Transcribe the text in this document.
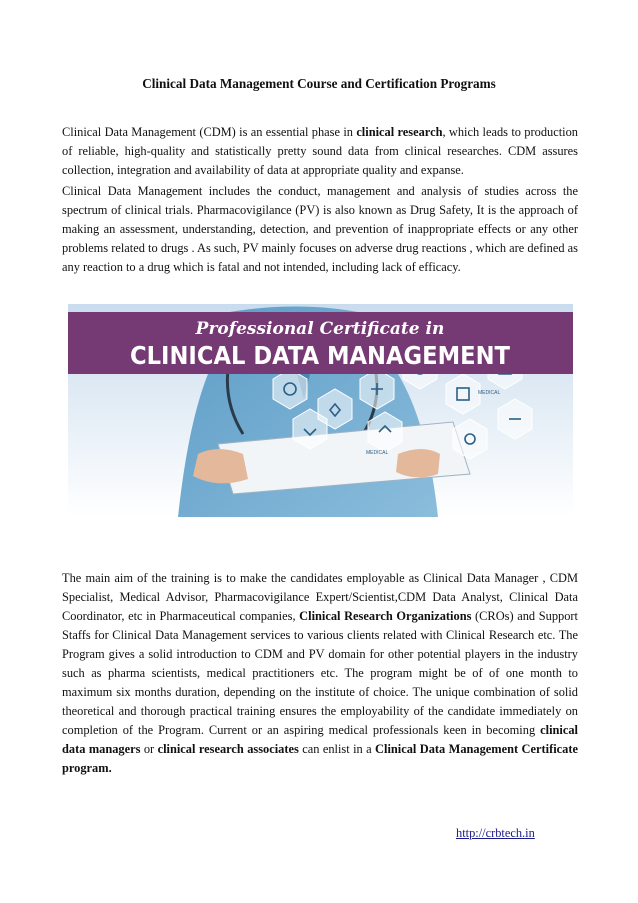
Clinical Data Management Course and Certification Programs

Clinical Data Management (CDM) is an essential phase in clinical research, which leads to production of reliable, high-quality and statistically pretty sound data from clinical researches. CDM assures collection, integration and availability of data at appropriate quality and expanse.

Clinical Data Management includes the conduct, management and analysis of studies across the spectrum of clinical trials. Pharmacovigilance (PV) is also known as Drug Safety, It is the approach of making an assessment, understanding, detection, and prevention of inappropriate effects or any other problems related to drugs . As such, PV mainly focuses on adverse drug reactions , which are defined as any reaction to a drug which is fatal and not intended, including lack of efficacy.

MEDICAL
MEDICAL
Professional Certificate in
CLINICAL DATA MANAGEMENT

The main aim of the training is to make the candidates employable as Clinical Data Manager , CDM Specialist, Medical Advisor, Pharmacovigilance Expert/Scientist,CDM Data Analyst, Clinical Data Coordinator, etc in Pharmaceutical companies, Clinical Research Organizations (CROs) and Support Staffs for Clinical Data Management services to various clients related with Clinical Research etc. The Program gives a solid introduction to CDM and PV domain for other potential players in the industry such as pharma scientists, medical practitioners etc. The program might be of of one month to maximum six months duration, depending on the institute of choice. The unique combination of solid theoretical and thorough practical training ensures the employability of the candidate immediately on completion of the Program. Current or an aspiring medical professionals keen in becoming clinical data managers or clinical research associates can enlist in a Clinical Data Management Certificate program.

http://crbtech.in
